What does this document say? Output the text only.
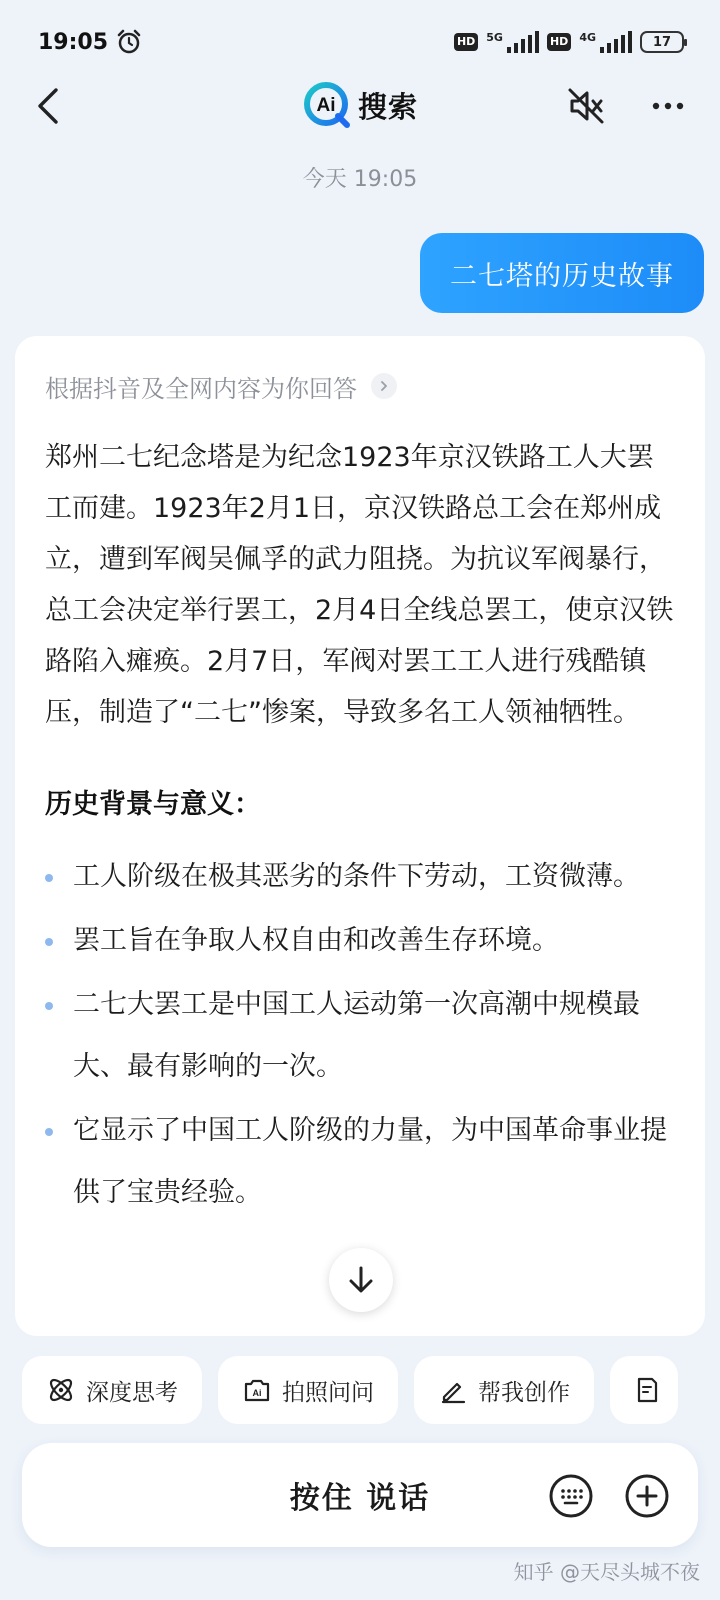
19:05	HD 5G	HD 4G	17
Ai 搜索
今天 19:05
二七塔的历史故事
根据抖音及全网内容为你回答

郑州二七纪念塔是为纪念1923年京汉铁路工人大罢工而建。1923年2月1日，京汉铁路总工会在郑州成立，遭到军阀吴佩孚的武力阻挠。为抗议军阀暴行，总工会决定举行罢工，2月4日全线总罢工，使京汉铁路陷入瘫痪。2月7日，军阀对罢工工人进行残酷镇压，制造了“二七”惨案，导致多名工人领袖牺牲。

历史背景与意义：
工人阶级在极其恶劣的条件下劳动，工资微薄。
罢工旨在争取人权自由和改善生存环境。
二七大罢工是中国工人运动第一次高潮中规模最大、最有影响的一次。
它显示了中国工人阶级的力量，为中国革命事业提供了宝贵经验。
深度思考	Ai 拍照问问	帮我创作
按住 说话
知乎 @天尽头城不夜
